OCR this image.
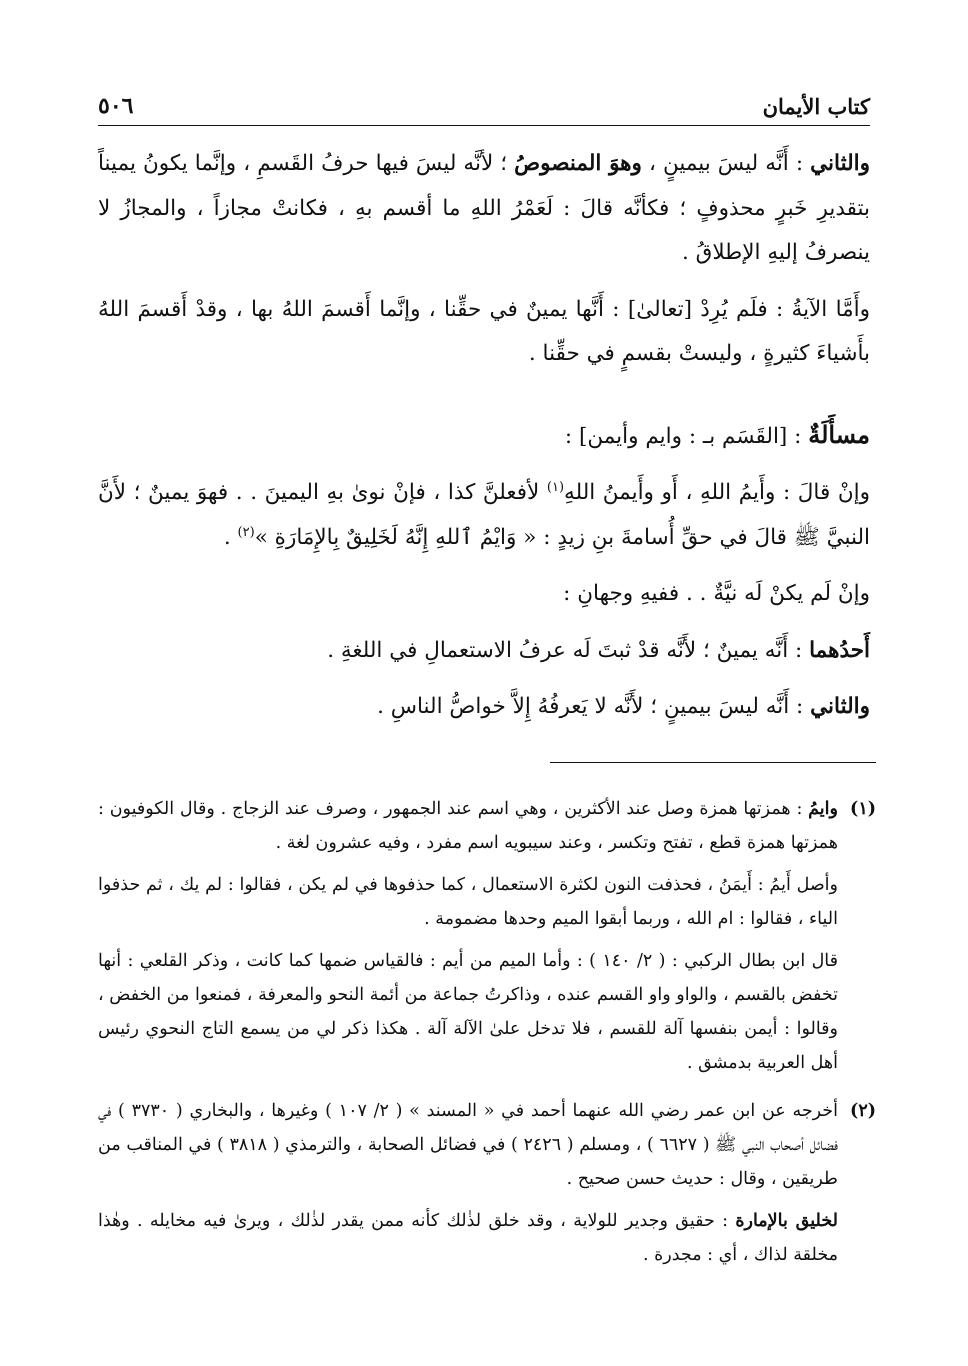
كتاب الأيمان
٥٠٦

والثاني : أَنَّه ليسَ بيمينٍ ، وهوَ المنصوصُ ؛ لأنَّه ليسَ فيها حرفُ القَسمِ ، وإنَّما يكونُ يميناً بتقديرِ خَبرٍ محذوفٍ ؛ فكأنَّه قالَ : لَعَمْرُ اللهِ ما أقسم بهِ ، فكانتْ مجازاً ، والمجازُ لا ينصرفُ إليهِ الإطلاقُ .

وأَمَّا الآيةُ : فلَم يُرِدْ [تعالىٰ] : أَنَّها يمينٌ في حقِّنا ، وإنَّما أَقسمَ اللهُ بها ، وقدْ أَقسمَ اللهُ بأَشياءَ كثيرةٍ ، وليستْ بقسمٍ في حقِّنا .

مسأَلَةٌ : [القَسَم بـ : وايم وأيمن] :

وإنْ قالَ : وأَيمُ اللهِ ، أَو وأَيمنُ اللهِ$^{(١)}$ لأفعلنَّ كذا ، فإنْ نوىٰ بهِ اليمينَ . . فهوَ يمينٌ ؛ لأَنَّ النبيَّ ﷺ قالَ في حقِّ أُسامةَ بنِ زيدٍ : « وَايْمُ ٱللهِ إِنَّهُ لَخَلِيقٌ بِالإِمَارَةِ »$^{(٢)}$ .

وإنْ لَم يكنْ لَه نيَّةٌ . . ففيهِ وجهانِ :

أَحدُهما : أَنَّه يمينٌ ؛ لأَنَّه قدْ ثبتَ لَه عرفُ الاستعمالِ في اللغةِ .

والثاني : أَنَّه ليسَ بيمينٍ ؛ لأَنَّه لا يَعرفُهُ إِلاَّ خواصُّ الناسِ .

(١)

وايمُ : همزتها همزة وصل عند الأكثرين ، وهي اسم عند الجمهور ، وصرف عند الزجاج . وقال الكوفيون : همزتها همزة قطع ، تفتح وتكسر ، وعند سيبويه اسم مفرد ، وفيه عشرون لغة .

وأصل أَيمُ : أَيمَنُ ، فحذفت النون لكثرة الاستعمال ، كما حذفوها في لم يكن ، فقالوا : لم يك ، ثم حذفوا الياء ، فقالوا : ام الله ، وربما أبقوا الميم وحدها مضمومة .

قال ابن بطال الركبي : ( ٢/ ١٤٠ ) : وأما الميم من أيم : فالقياس ضمها كما كانت ، وذكر القلعي : أنها تخفض بالقسم ، والواو واو القسم عنده ، وذاكرتُ جماعة من أئمة النحو والمعرفة ، فمنعوا من الخفض ، وقالوا : أيمن بنفسها آلة للقسم ، فلا تدخل علىٰ الآلة آلة . هكذا ذكر لي من يسمع التاج النحوي رئيس أهل العربية بدمشق .

(٢)

أخرجه عن ابن عمر رضي الله عنهما أحمد في « المسند » ( ٢/ ١٠٧ ) وغيرها ، والبخاري ( ٣٧٣٠ ) في فضائل أصحاب النبي ﷺ ( ٦٦٢٧ ) ، ومسلم ( ٢٤٢٦ ) في فضائل الصحابة ، والترمذي ( ٣٨١٨ ) في المناقب من طريقين ، وقال : حديث حسن صحيح .

لخليق بالإمارة : حقيق وجدير للولاية ، وقد خلق لذٰلك كأنه ممن يقدر لذٰلك ، ويرىٰ فيه مخايله . وهٰذا مخلقة لذاك ، أي : مجدرة .
